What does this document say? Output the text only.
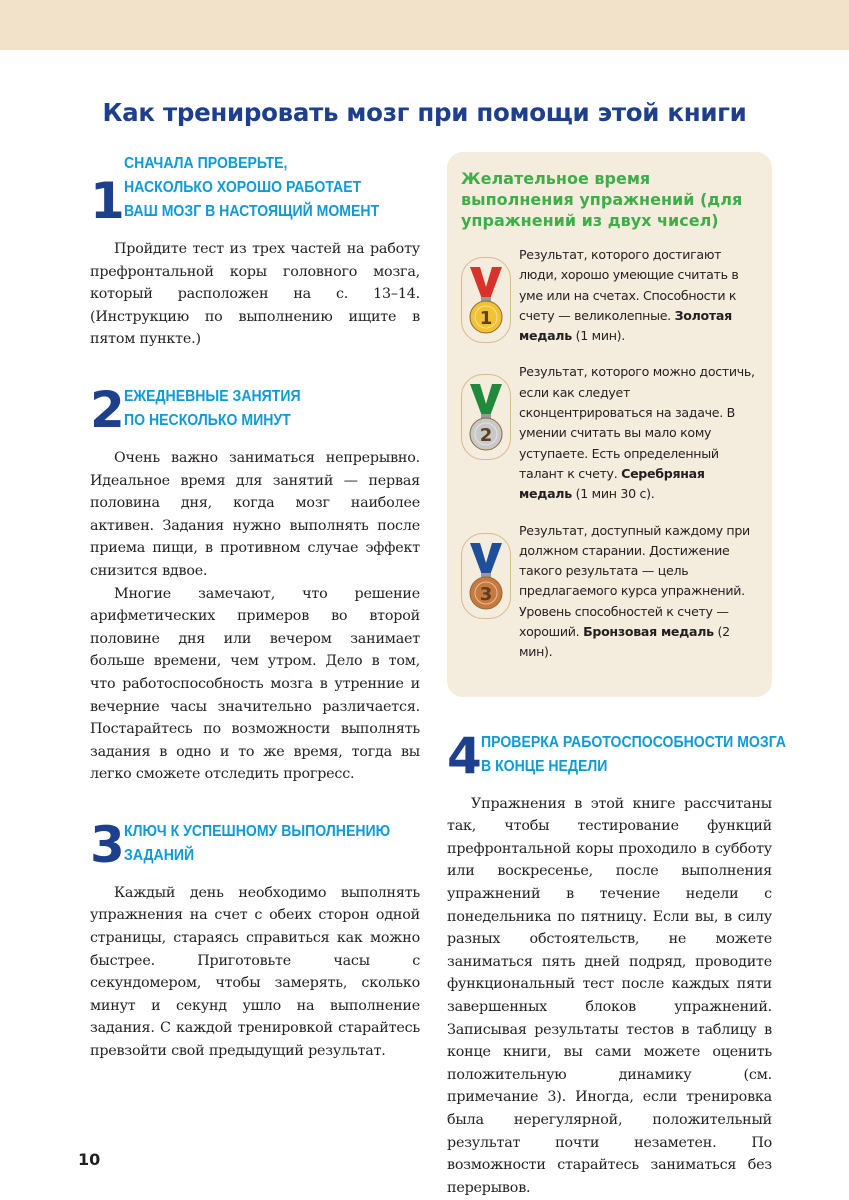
Как тренировать мозг при помощи этой книги
1
СНАЧАЛА ПРОВЕРЬТЕ,
НАСКОЛЬКО ХОРОШО РАБОТАЕТ
ВАШ МОЗГ В НАСТОЯЩИЙ МОМЕНТ

Пройдите тест из трех частей на работу префронтальной коры головного мозга, который расположен на с. 13–14. (Инструкцию по выполнению ищите в пятом пункте.)

2 ЕЖЕДНЕВНЫЕ ЗАНЯТИЯ
ПО НЕСКОЛЬКО МИНУТ

Очень важно заниматься непрерывно. Идеальное время для занятий — первая половина дня, когда мозг наиболее активен. Задания нужно выполнять после приема пищи, в противном случае эффект снизится вдвое.

Многие замечают, что решение арифметических примеров во второй половине дня или вечером занимает больше времени, чем утром. Дело в том, что работоспособность мозга в утренние и вечерние часы значительно различается. Постарайтесь по возможности выполнять задания в одно и то же время, тогда вы легко сможете отследить прогресс.

3 КЛЮЧ К УСПЕШНОМУ ВЫПОЛНЕНИЮ
ЗАДАНИЙ

Каждый день необходимо выполнять упражнения на счет с обеих сторон одной страницы, стараясь справиться как можно быстрее. Приготовьте часы с секундомером, чтобы замерять, сколько минут и секунд ушло на выполнение задания. С каждой тренировкой старайтесь превзойти свой предыдущий результат.

Желательное время выполнения упражнений (для упражнений из двух чисел)
1
Результат, которого достигают люди, хорошо умеющие считать в уме или на счетах. Способности к счету — великолепные. Золотая медаль (1 мин).
2
Результат, которого можно достичь, если как следует сконцентрироваться на задаче. В умении считать вы мало кому уступаете. Есть определенный талант к счету. Серебряная медаль (1 мин 30 с).
3
Результат, доступный каждому при должном старании. Достижение такого результата — цель предлагаемого курса упражнений. Уровень способностей к счету — хороший. Бронзовая медаль (2 мин).
4 ПРОВЕРКА РАБОТОСПОСОБНОСТИ МОЗГА
В КОНЦЕ НЕДЕЛИ

Упражнения в этой книге рассчитаны так, чтобы тестирование функций префронтальной коры проходило в субботу или воскресенье, после выполнения упражнений в течение недели с понедельника по пятницу. Если вы, в силу разных обстоятельств, не можете заниматься пять дней подряд, проводите функциональный тест после каждых пяти завершенных блоков упражнений. Записывая результаты тестов в таблицу в конце книги, вы сами можете оценить положительную динамику (см. примечание 3). Иногда, если тренировка была нерегулярной, положительный результат почти незаметен. По возможности старайтесь заниматься без перерывов.

10
